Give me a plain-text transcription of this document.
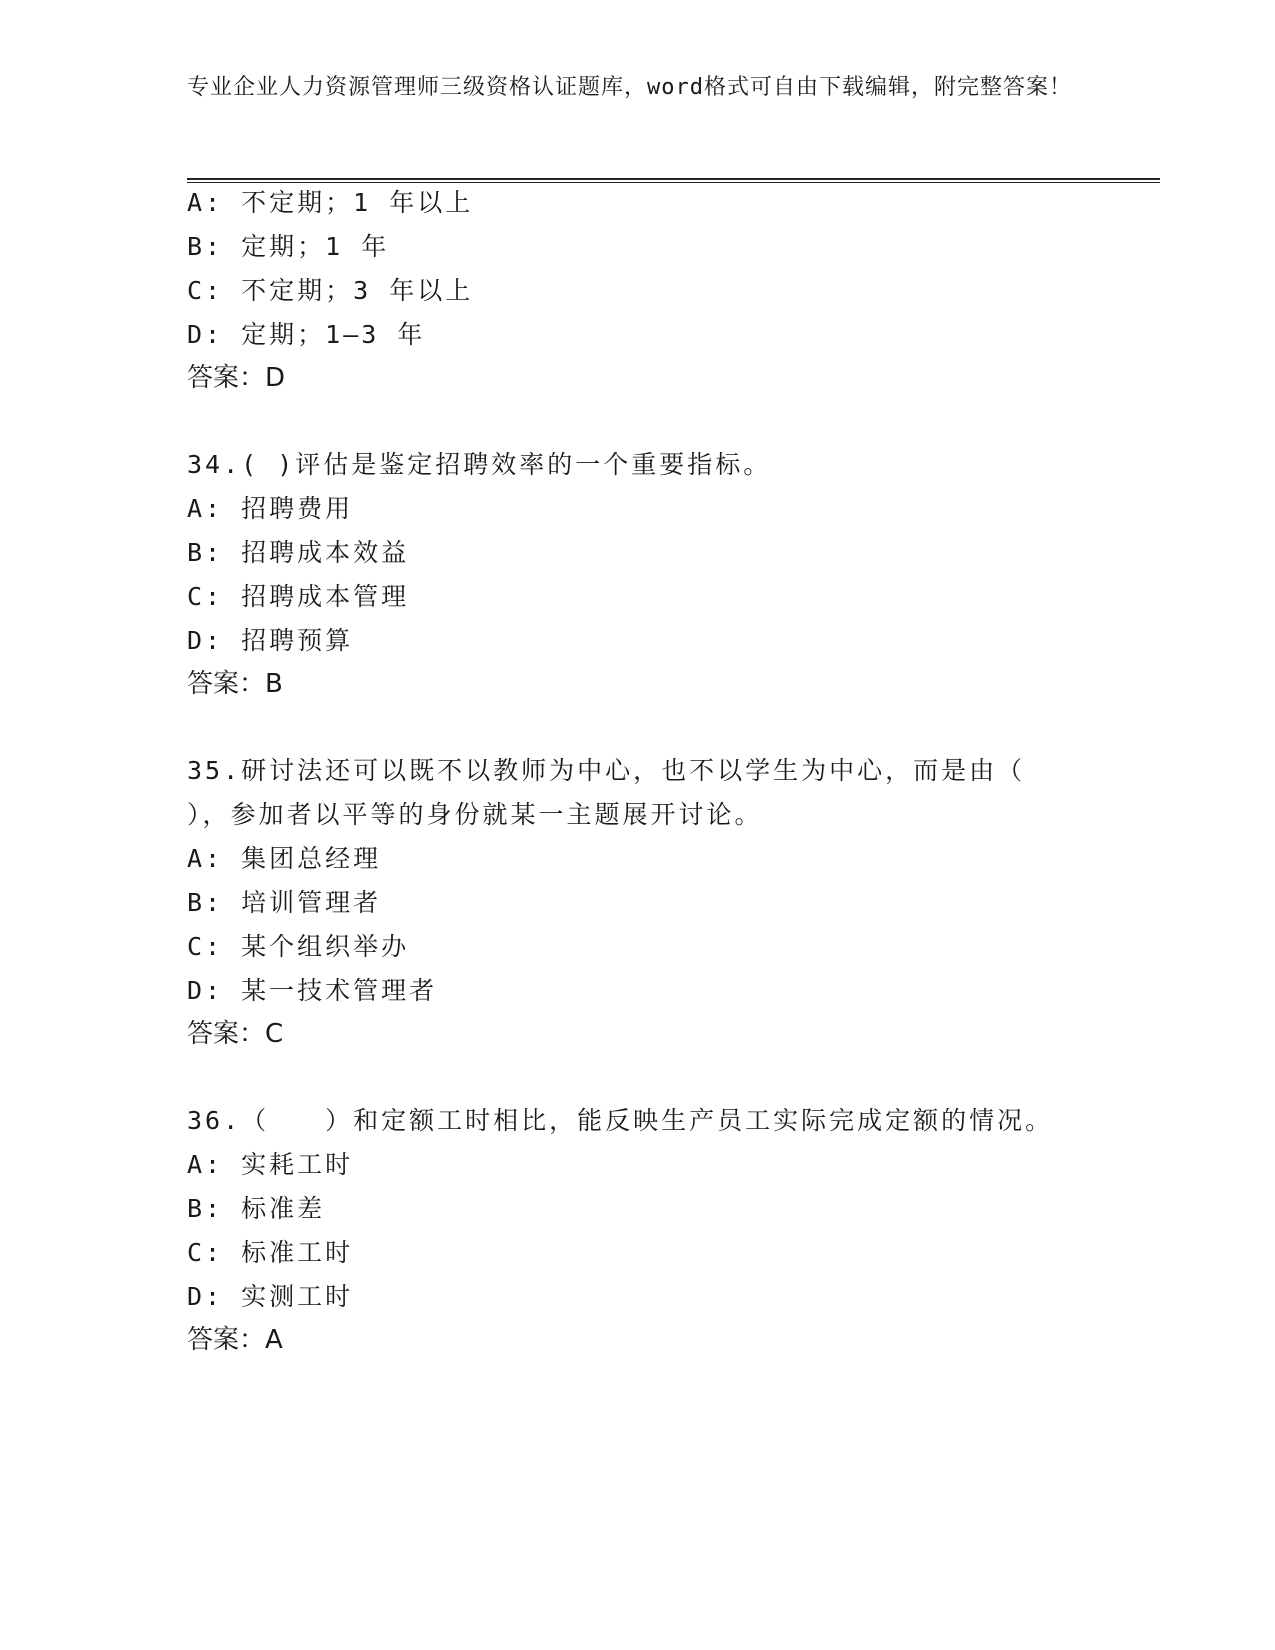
专业企业人力资源管理师三级资格认证题库，word格式可自由下载编辑，附完整答案！
A: 不定期；1 年以上
B: 定期；1 年
C: 不定期；3 年以上
D: 定期；1—3 年
答案：D
34.( )评估是鉴定招聘效率的一个重要指标。
A: 招聘费用
B: 招聘成本效益
C: 招聘成本管理
D: 招聘预算
答案：B
35.研讨法还可以既不以教师为中心，也不以学生为中心，而是由（
），参加者以平等的身份就某一主题展开讨论。
A: 集团总经理
B: 培训管理者
C: 某个组织举办
D: 某一技术管理者
答案：C
36.（　　）和定额工时相比，能反映生产员工实际完成定额的情况。
A: 实耗工时
B: 标准差
C: 标准工时
D: 实测工时
答案：A
